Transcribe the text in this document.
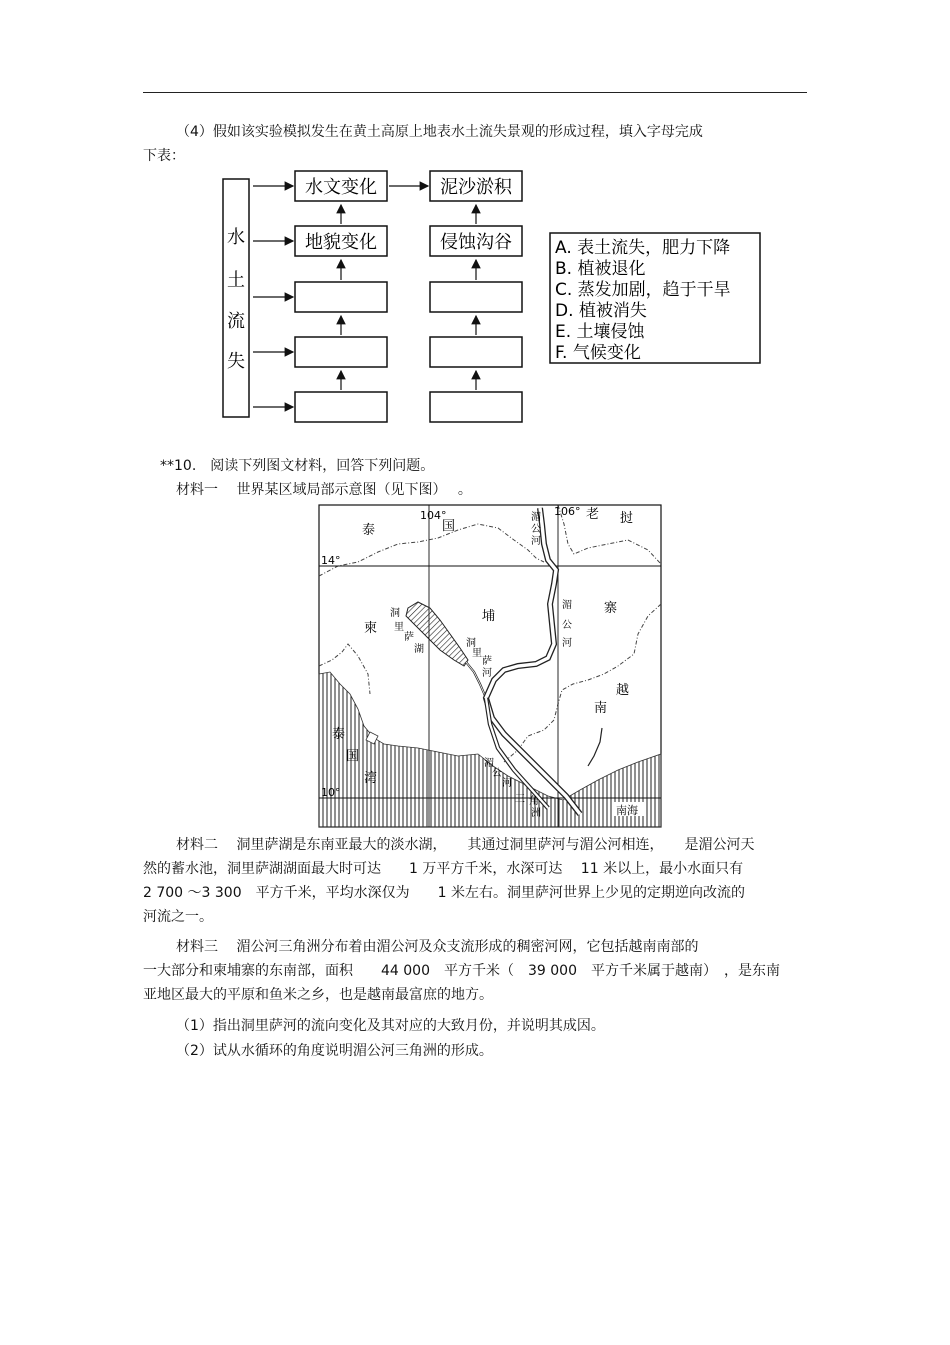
（4）假如该实验模拟发生在黄土高原上地表水土流失景观的形成过程，填入字母完成
下表：
水
土
流
失
水文变化
地貌变化
泥沙淤积
侵蚀沟谷	A. 表土流失，肥力下降
B. 植被退化
C. 蒸发加剧，趋于干旱
D. 植被消失
E. 土壤侵蚀
F. 气候变化
**10.　阅读下列图文材料，回答下列问题。
材料一　 世界某区域局部示意图（见下图）　 。
104°	106°
14°
10°
泰	国
老 挝
湄
公
河
柬
埔
寨
洞
里
萨
湖
洞
里
萨
河
湄
公
河
越
南
泰
国
湾
湄
公
河
三 角
洲	南海

材料二　 洞里萨湖是东南亚最大的淡水湖，　　其通过洞里萨河与湄公河相连，　　是湄公河天

然的蓄水池，洞里萨湖湖面最大时可达　　1 万平方千米，水深可达　 11 米以上，最小水面只有

2 700 ～3 300　平方千米，平均水深仅为　　1 米左右。洞里萨河世界上少见的定期逆向改流的

河流之一。

材料三　 湄公河三角洲分布着由湄公河及众支流形成的稠密河网，它包括越南南部的

一大部分和柬埔寨的东南部，面积　　44 000　平方千米（　39 000　平方千米属于越南）　，是东南

亚地区最大的平原和鱼米之乡，也是越南最富庶的地方。

（1）指出洞里萨河的流向变化及其对应的大致月份，并说明其成因。
（2）试从水循环的角度说明湄公河三角洲的形成。
